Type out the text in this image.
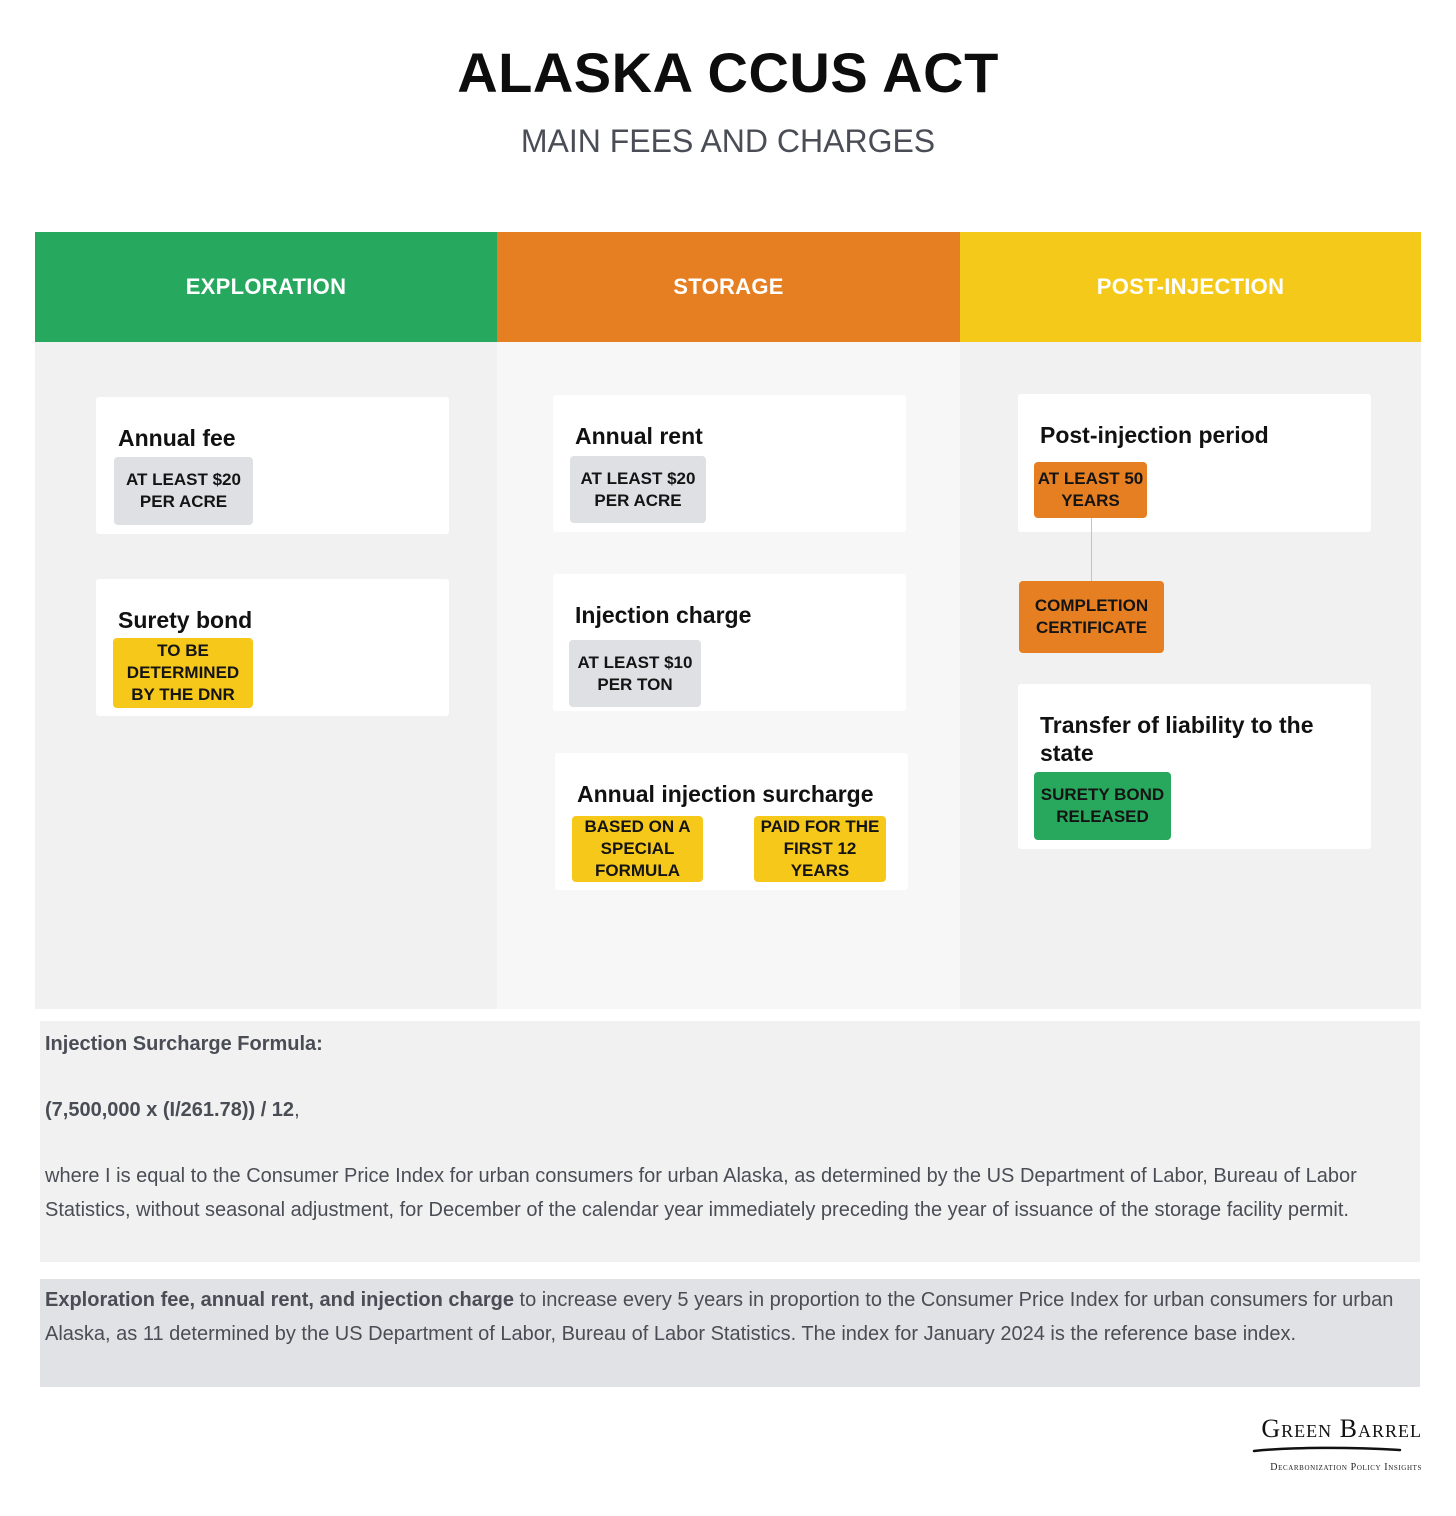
ALASKA CCUS ACT
MAIN FEES AND CHARGES
EXPLORATION	STORAGE	POST-INJECTION
Annual fee
AT LEAST $20 PER ACRE
Surety bond
TO BE DETERMINED BY THE DNR
Annual rent
AT LEAST $20 PER ACRE
Injection charge
AT LEAST $10 PER TON
Annual injection surcharge
BASED ON A SPECIAL FORMULA
PAID FOR THE FIRST 12 YEARS
Post-injection period
AT LEAST 50 YEARS
COMPLETION CERTIFICATE
Transfer of liability to the state
SURETY BOND RELEASED

Injection Surcharge Formula:

(7,500,000 x (I/261.78)) / 12,

where I is equal to the Consumer Price Index for urban consumers for urban Alaska, as determined by the US Department of Labor, Bureau of Labor Statistics, without seasonal adjustment, for December of the calendar year immediately preceding the year of issuance of the storage facility permit.

Exploration fee, annual rent, and injection charge to increase every 5 years in proportion to the Consumer Price Index for urban consumers for urban Alaska, as 11 determined by the US Department of Labor, Bureau of Labor Statistics. The index for January 2024 is the reference base index.

Green Barrel
Decarbonization Policy Insights
